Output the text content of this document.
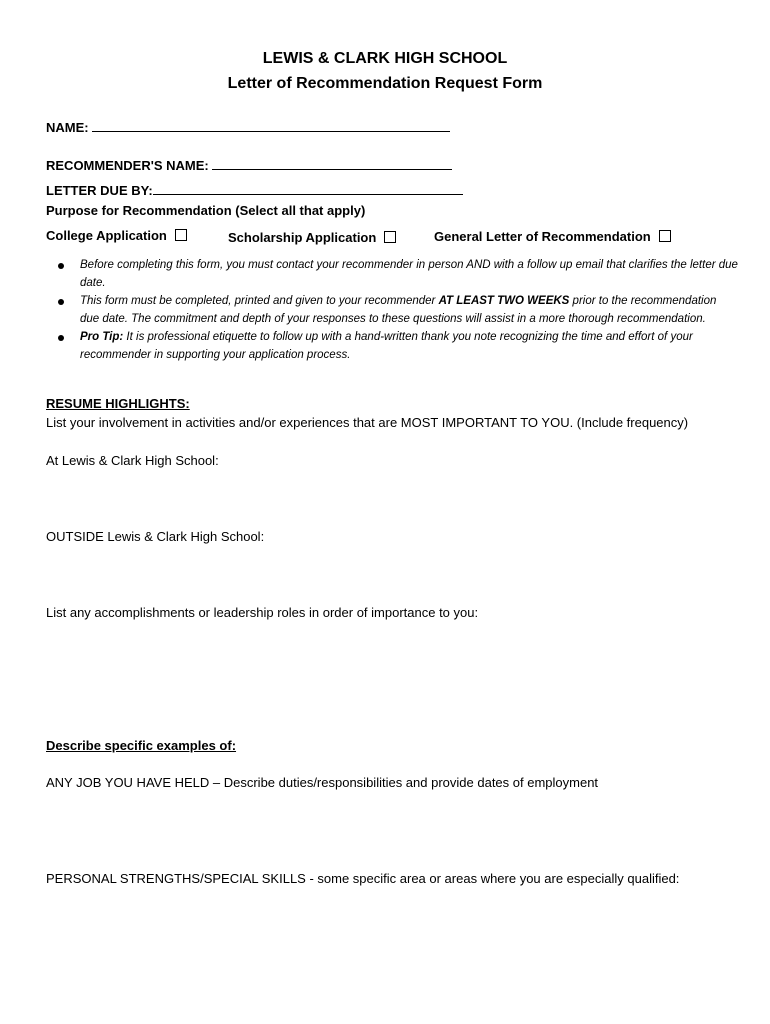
LEWIS & CLARK HIGH SCHOOL
Letter of Recommendation Request Form
NAME:
RECOMMENDER'S NAME:
LETTER DUE BY:
Purpose for Recommendation (Select all that apply)
College Application	Scholarship Application	General Letter of Recommendation
Before completing this form, you must contact your recommender in person AND with a follow up email that clarifies the letter due date.
This form must be completed, printed and given to your recommender AT LEAST TWO WEEKS prior to the recommendation due date. The commitment and depth of your responses to these questions will assist in a more thorough recommendation.
Pro Tip: It is professional etiquette to follow up with a hand-written thank you note recognizing the time and effort of your recommender in supporting your application process.
RESUME HIGHLIGHTS:
List your involvement in activities and/or experiences that are MOST IMPORTANT TO YOU. (Include frequency)
At Lewis & Clark High School:
OUTSIDE Lewis & Clark High School:
List any accomplishments or leadership roles in order of importance to you:
Describe specific examples of:
ANY JOB YOU HAVE HELD – Describe duties/responsibilities and provide dates of employment
PERSONAL STRENGTHS/SPECIAL SKILLS - some specific area or areas where you are especially qualified:
